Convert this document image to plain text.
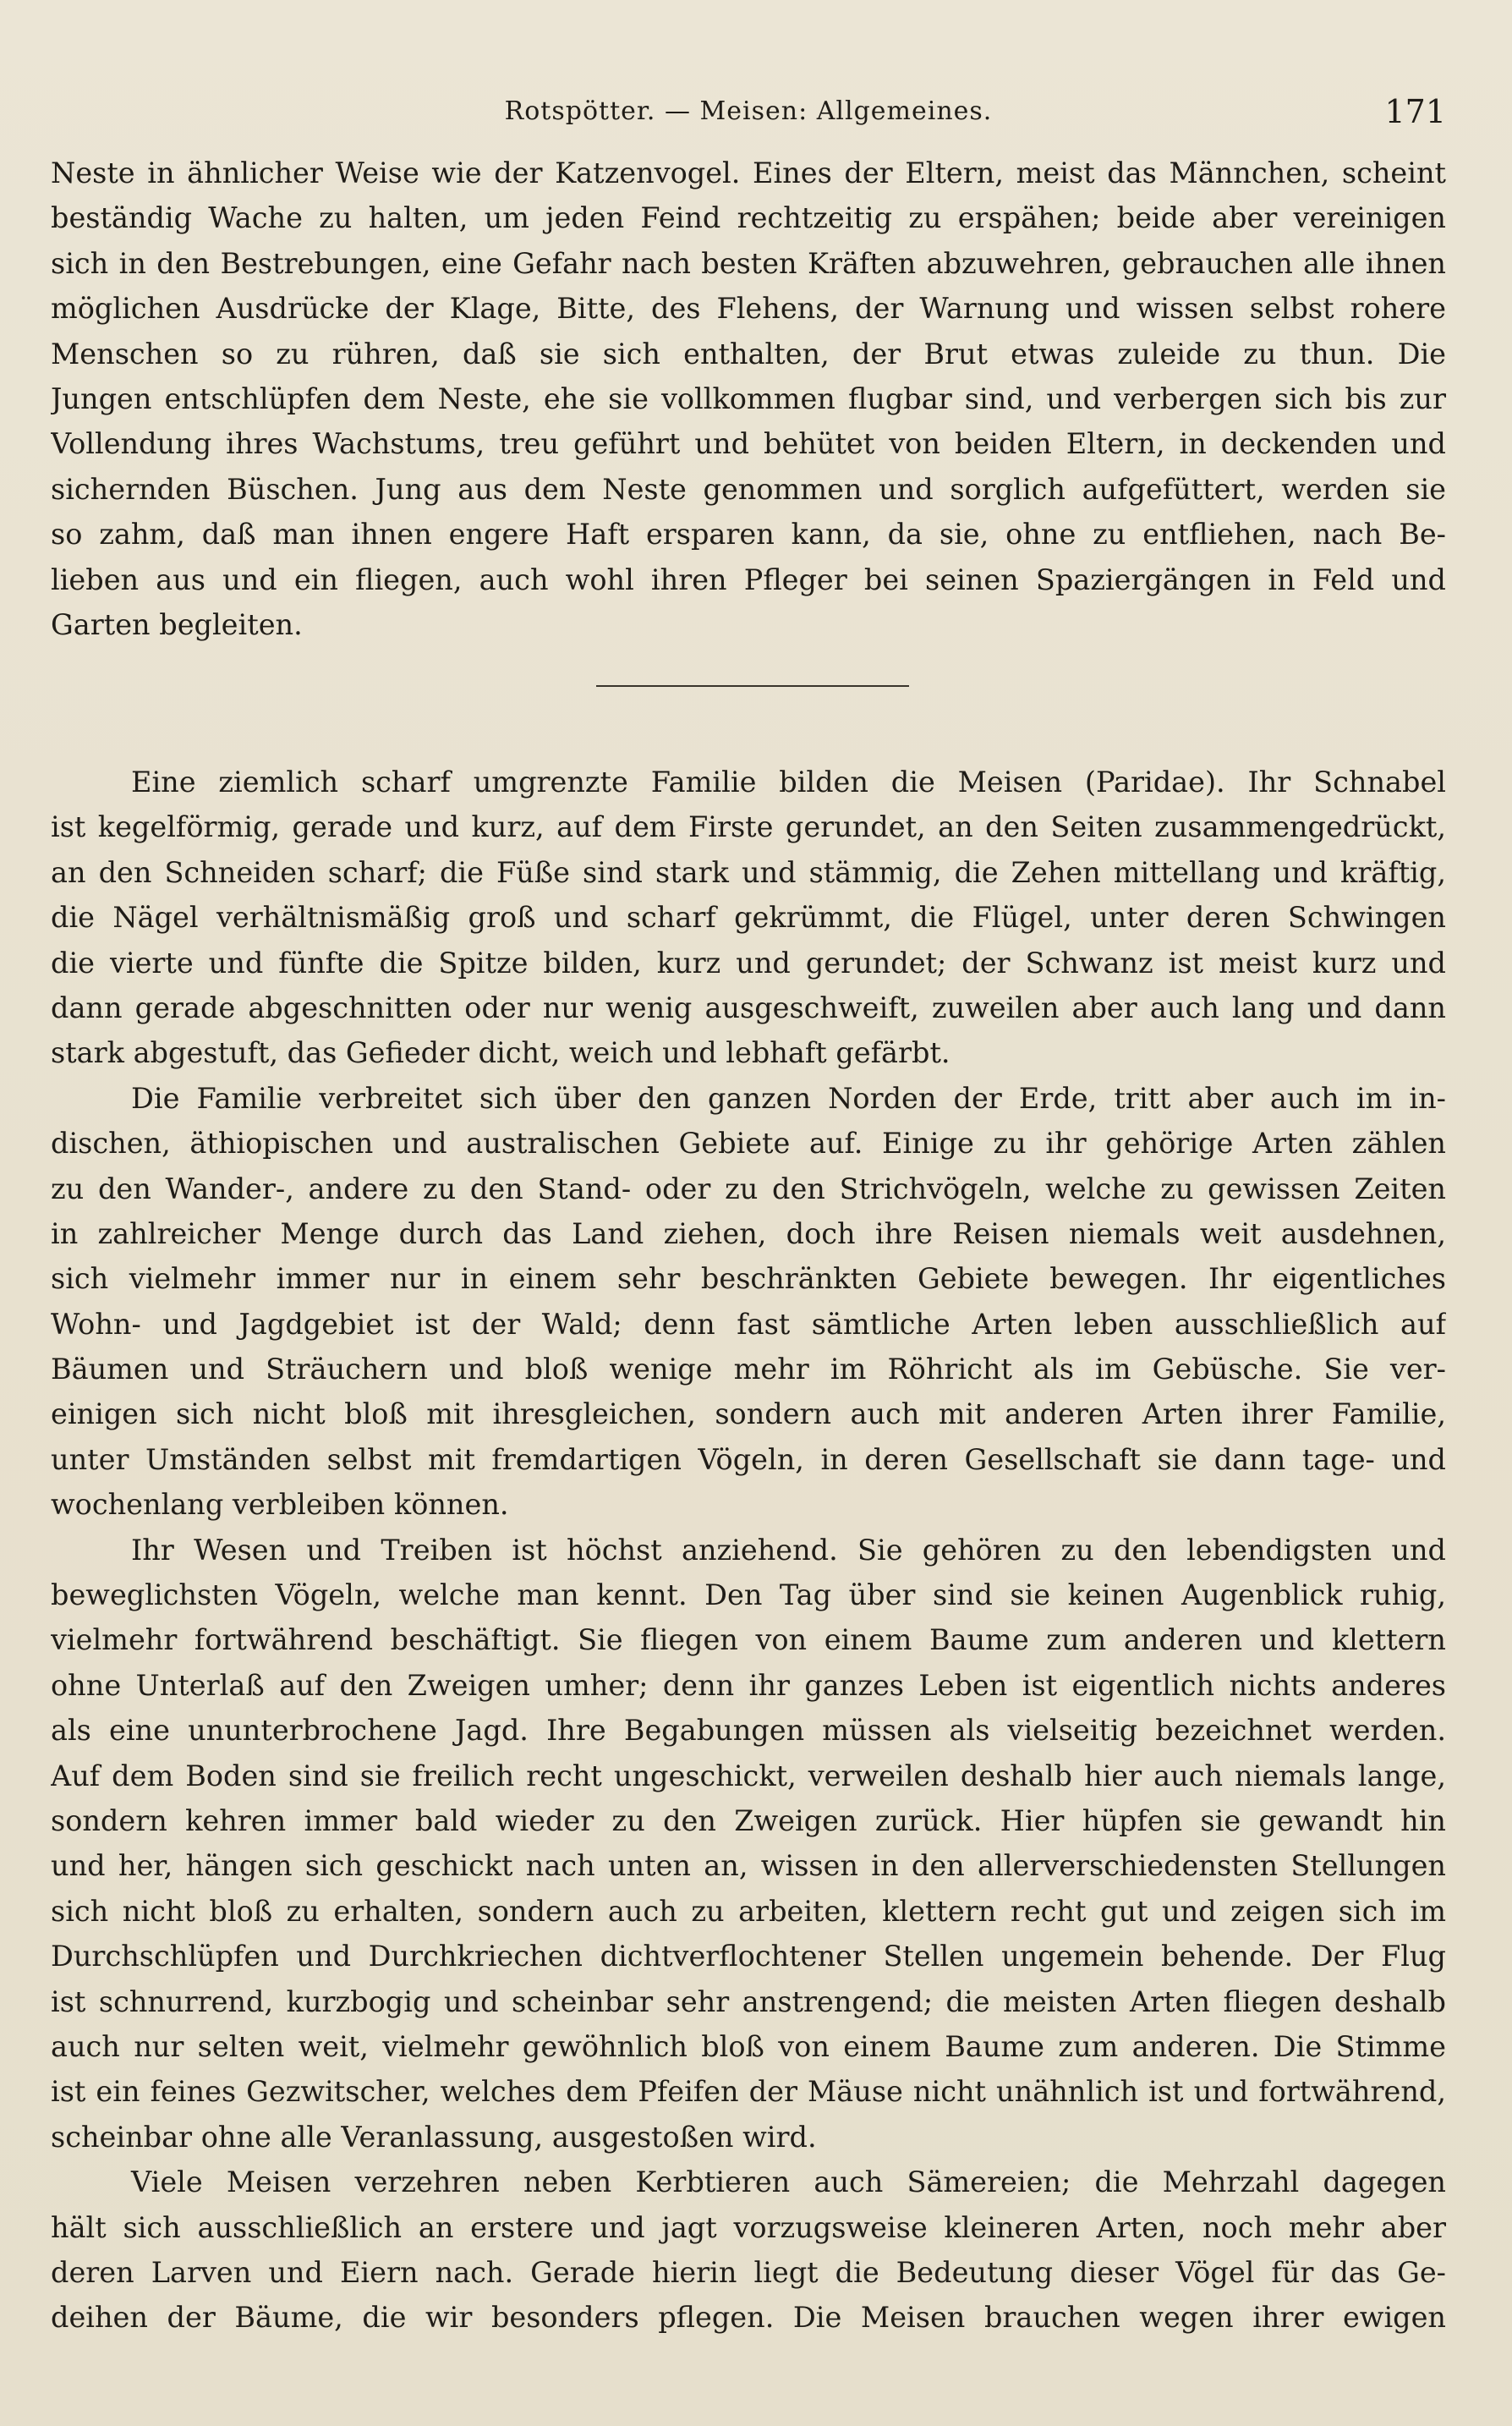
Rotspötter. — Meisen: Allgemeines.	171
Neste in ähnlicher Weise wie der Katzenvogel. Eines der Eltern, meist das Männchen, scheint
beständig Wache zu halten, um jeden Feind rechtzeitig zu erspähen; beide aber vereinigen
sich in den Bestrebungen, eine Gefahr nach besten Kräften abzuwehren, gebrauchen alle ihnen
möglichen Ausdrücke der Klage, Bitte, des Flehens, der Warnung und wissen selbst rohere
Menschen so zu rühren, daß sie sich enthalten, der Brut etwas zuleide zu thun. Die
Jungen entschlüpfen dem Neste, ehe sie vollkommen flugbar sind, und verbergen sich bis zur
Vollendung ihres Wachstums, treu geführt und behütet von beiden Eltern, in deckenden und
sichernden Büschen. Jung aus dem Neste genommen und sorglich aufgefüttert, werden sie
so zahm, daß man ihnen engere Haft ersparen kann, da sie, ohne zu entfliehen, nach Be-
lieben aus und ein fliegen, auch wohl ihren Pfleger bei seinen Spaziergängen in Feld und
Garten begleiten.
Eine ziemlich scharf umgrenzte Familie bilden die Meisen (Paridae). Ihr Schnabel
ist kegelförmig, gerade und kurz, auf dem Firste gerundet, an den Seiten zusammengedrückt,
an den Schneiden scharf; die Füße sind stark und stämmig, die Zehen mittellang und kräftig,
die Nägel verhältnismäßig groß und scharf gekrümmt, die Flügel, unter deren Schwingen
die vierte und fünfte die Spitze bilden, kurz und gerundet; der Schwanz ist meist kurz und
dann gerade abgeschnitten oder nur wenig ausgeschweift, zuweilen aber auch lang und dann
stark abgestuft, das Gefieder dicht, weich und lebhaft gefärbt.
Die Familie verbreitet sich über den ganzen Norden der Erde, tritt aber auch im in-
dischen, äthiopischen und australischen Gebiete auf. Einige zu ihr gehörige Arten zählen
zu den Wander-, andere zu den Stand- oder zu den Strichvögeln, welche zu gewissen Zeiten
in zahlreicher Menge durch das Land ziehen, doch ihre Reisen niemals weit ausdehnen,
sich vielmehr immer nur in einem sehr beschränkten Gebiete bewegen. Ihr eigentliches
Wohn- und Jagdgebiet ist der Wald; denn fast sämtliche Arten leben ausschließlich auf
Bäumen und Sträuchern und bloß wenige mehr im Röhricht als im Gebüsche. Sie ver-
einigen sich nicht bloß mit ihresgleichen, sondern auch mit anderen Arten ihrer Familie,
unter Umständen selbst mit fremdartigen Vögeln, in deren Gesellschaft sie dann tage- und
wochenlang verbleiben können.
Ihr Wesen und Treiben ist höchst anziehend. Sie gehören zu den lebendigsten und
beweglichsten Vögeln, welche man kennt. Den Tag über sind sie keinen Augenblick ruhig,
vielmehr fortwährend beschäftigt. Sie fliegen von einem Baume zum anderen und klettern
ohne Unterlaß auf den Zweigen umher; denn ihr ganzes Leben ist eigentlich nichts anderes
als eine ununterbrochene Jagd. Ihre Begabungen müssen als vielseitig bezeichnet werden.
Auf dem Boden sind sie freilich recht ungeschickt, verweilen deshalb hier auch niemals lange,
sondern kehren immer bald wieder zu den Zweigen zurück. Hier hüpfen sie gewandt hin
und her, hängen sich geschickt nach unten an, wissen in den allerverschiedensten Stellungen
sich nicht bloß zu erhalten, sondern auch zu arbeiten, klettern recht gut und zeigen sich im
Durchschlüpfen und Durchkriechen dichtverflochtener Stellen ungemein behende. Der Flug
ist schnurrend, kurzbogig und scheinbar sehr anstrengend; die meisten Arten fliegen deshalb
auch nur selten weit, vielmehr gewöhnlich bloß von einem Baume zum anderen. Die Stimme
ist ein feines Gezwitscher, welches dem Pfeifen der Mäuse nicht unähnlich ist und fortwährend,
scheinbar ohne alle Veranlassung, ausgestoßen wird.
Viele Meisen verzehren neben Kerbtieren auch Sämereien; die Mehrzahl dagegen
hält sich ausschließlich an erstere und jagt vorzugsweise kleineren Arten, noch mehr aber
deren Larven und Eiern nach. Gerade hierin liegt die Bedeutung dieser Vögel für das Ge-
deihen der Bäume, die wir besonders pflegen. Die Meisen brauchen wegen ihrer ewigen
